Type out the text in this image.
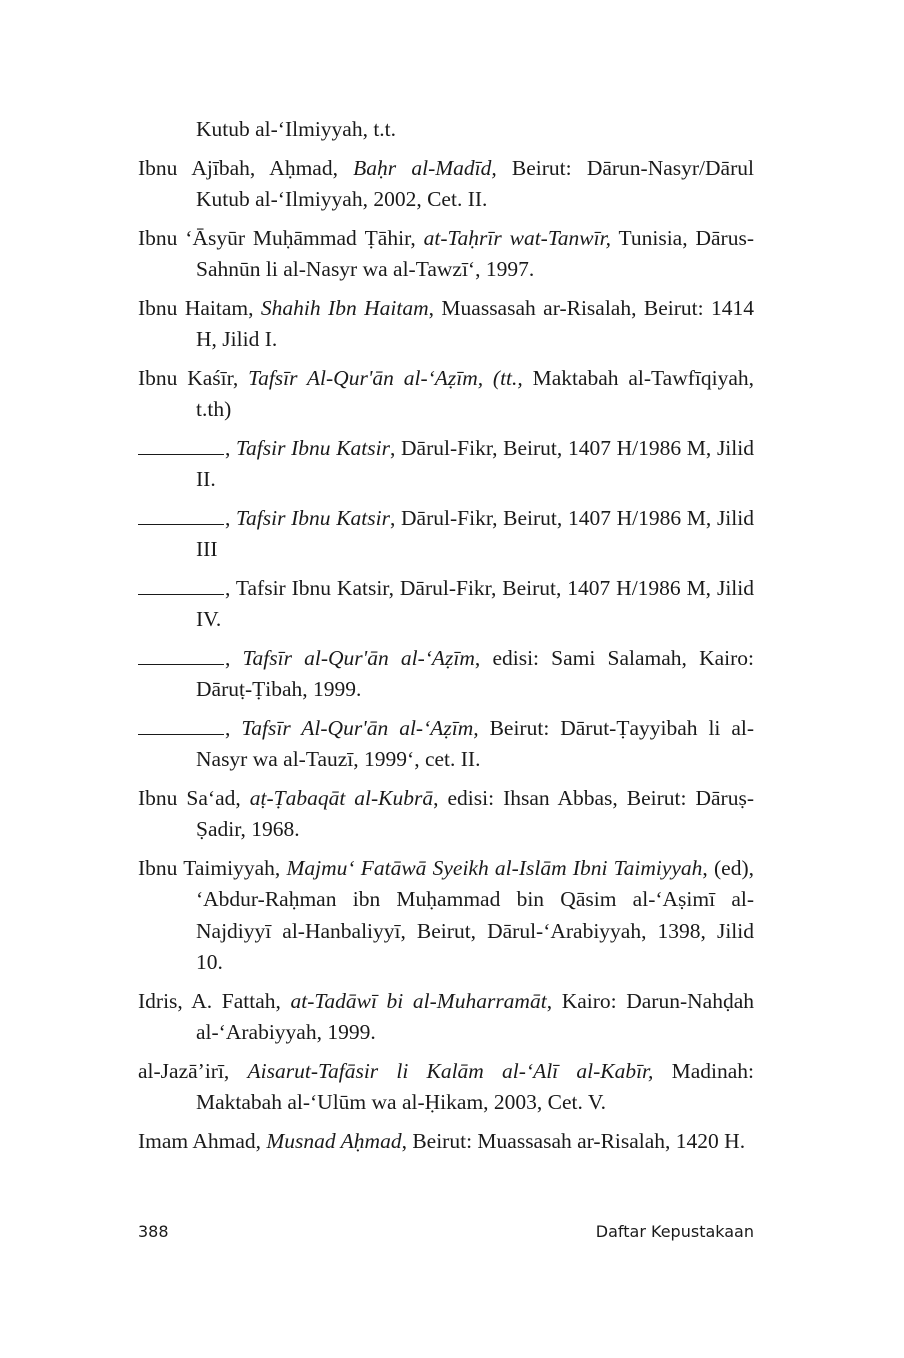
Kutub al-‘Ilmiyyah, t.t.

Ibnu Ajībah, Aḥmad, Baḥr al-Madīd, Beirut: Dārun-Nasyr/Dārul Kutub al-‘Ilmiyyah, 2002, Cet. II.

Ibnu ‘Āsyūr Muḥāmmad Ṭāhir, at-Taḥrīr wat-Tanwīr, Tunisia, Dārus-Sahnūn li al-Nasyr wa al-Tawzī‘, 1997.

Ibnu Haitam, Shahih Ibn Haitam, Muassasah ar-Risalah, Beirut: 1414 H, Jilid I.

Ibnu Kaśīr, Tafsīr Al-Qur'ān al-‘Aẓīm, (tt., Maktabah al-Tawfīqiyah, t.th)

, Tafsir Ibnu Katsir, Dārul-Fikr, Beirut, 1407 H/1986 M, Jilid II.

, Tafsir Ibnu Katsir, Dārul-Fikr, Beirut, 1407 H/1986 M, Jilid III

, Tafsir Ibnu Katsir, Dārul-Fikr, Beirut, 1407 H/1986 M, Jilid IV.

, Tafsīr al-Qur'ān al-‘Aẓīm, edisi: Sami Salamah, Kairo: Dāruṭ-Ṭibah, 1999.

, Tafsīr Al-Qur'ān al-‘Aẓīm, Beirut: Dārut-Ṭayyibah li al-Nasyr wa al-Tauzī, 1999‘, cet. II.

Ibnu Sa‘ad, aṭ-Ṭabaqāt al-Kubrā, edisi: Ihsan Abbas, Beirut: Dāruṣ-Ṣadir, 1968.

Ibnu Taimiyyah, Majmu‘ Fatāwā Syeikh al-Islām Ibni Taimiyyah, (ed), ‘Abdur-Raḥman ibn Muḥammad bin Qāsim al-‘Aṣimī al-Najdiyyī al-Hanbaliyyī, Beirut, Dārul-‘Arabiyyah, 1398, Jilid 10.

Idris, A. Fattah, at-Tadāwī bi al-Muharramāt, Kairo: Darun-Nahḍah al-‘Arabiyyah, 1999.

al-Jazā’irī, Aisarut-Tafāsir li Kalām al-‘Alī al-Kabīr, Madinah: Maktabah al-‘Ulūm wa al-Ḥikam, 2003, Cet. V.

Imam Ahmad, Musnad Aḥmad, Beirut: Muassasah ar-Risalah, 1420 H.

388	Daftar Kepustakaan
